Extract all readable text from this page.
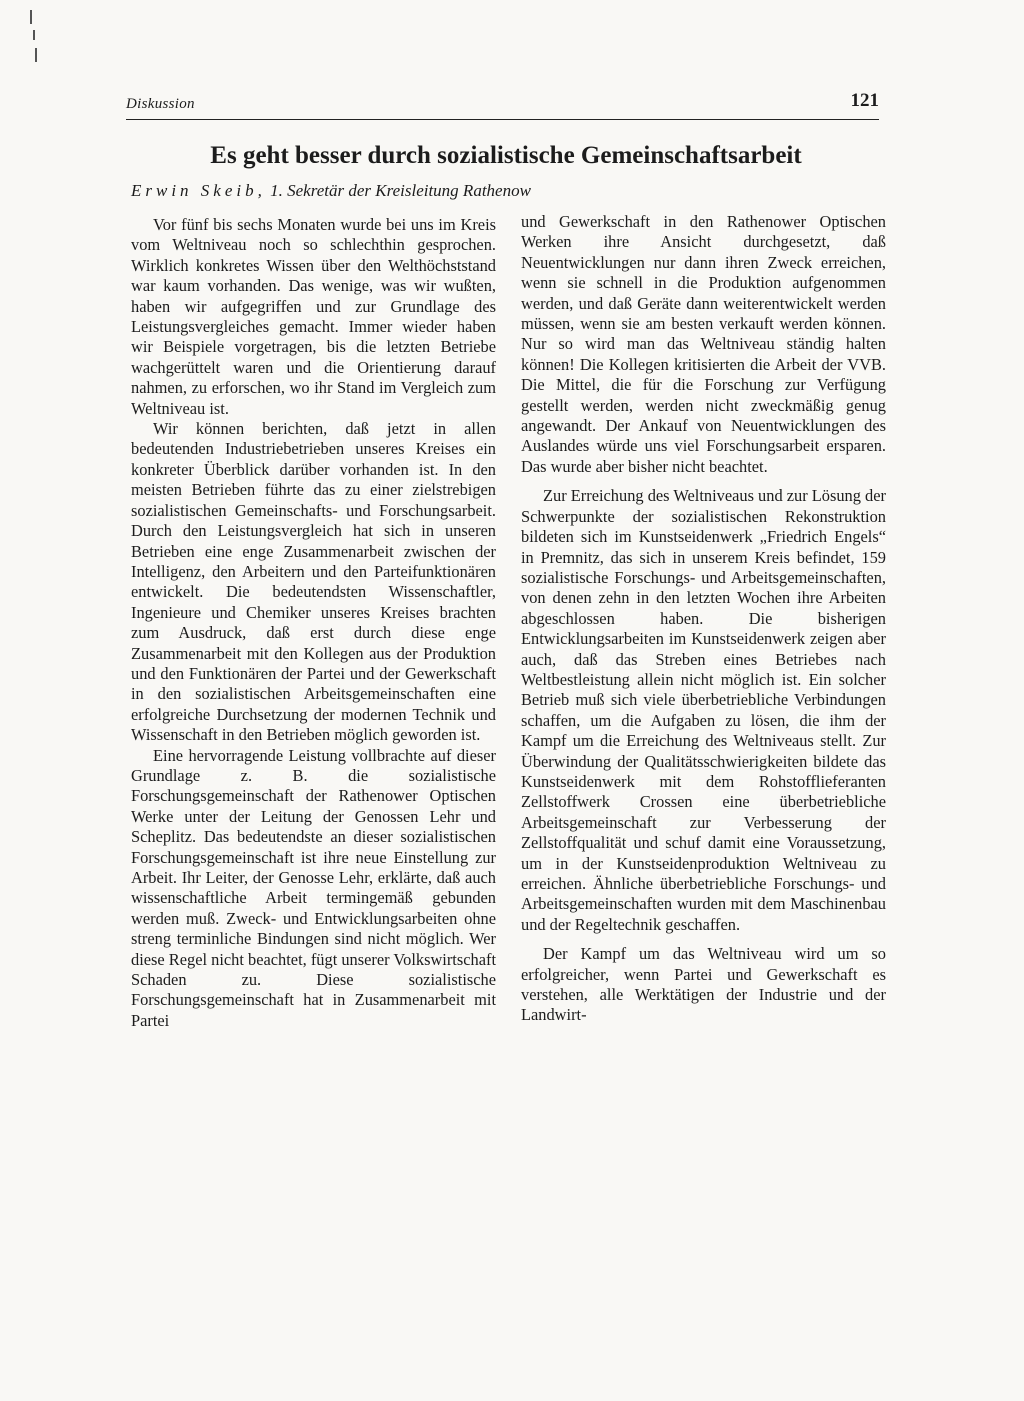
Diskussion	121
Es geht besser durch sozialistische Gemeinschaftsarbeit
Erwin Skeib, 1. Sekretär der Kreisleitung Rathenow

Vor fünf bis sechs Monaten wurde bei uns im Kreis vom Weltniveau noch so schlechthin gesprochen. Wirklich konkretes Wissen über den Welthöchststand war kaum vorhanden. Das wenige, was wir wußten, haben wir aufgegriffen und zur Grundlage des Leistungsvergleiches gemacht. Immer wieder haben wir Beispiele vorgetragen, bis die letzten Betriebe wachgerüttelt waren und die Orientierung darauf nahmen, zu erforschen, wo ihr Stand im Vergleich zum Weltniveau ist.

Wir können berichten, daß jetzt in allen bedeutenden Industriebetrieben unseres Kreises ein konkreter Überblick darüber vorhanden ist. In den meisten Betrieben führte das zu einer zielstrebigen sozialistischen Gemeinschafts- und Forschungsarbeit. Durch den Leistungsvergleich hat sich in unseren Betrieben eine enge Zusammenarbeit zwischen der Intelligenz, den Arbeitern und den Parteifunktionären entwickelt. Die bedeutendsten Wissenschaftler, Ingenieure und Chemiker unseres Kreises brachten zum Ausdruck, daß erst durch diese enge Zusammenarbeit mit den Kollegen aus der Produktion und den Funktionären der Partei und der Gewerkschaft in den sozialistischen Arbeitsgemeinschaften eine erfolgreiche Durchsetzung der modernen Technik und Wissenschaft in den Betrieben möglich geworden ist.

Eine hervorragende Leistung vollbrachte auf dieser Grundlage z. B. die sozialistische Forschungsgemeinschaft der Rathenower Optischen Werke unter der Leitung der Genossen Lehr und Scheplitz. Das bedeutendste an dieser sozialistischen Forschungsgemeinschaft ist ihre neue Einstellung zur Arbeit. Ihr Leiter, der Genosse Lehr, erklärte, daß auch wissenschaftliche Arbeit termingemäß gebunden werden muß. Zweck- und Entwicklungsarbeiten ohne streng terminliche Bindungen sind nicht möglich. Wer diese Regel nicht beachtet, fügt unserer Volkswirtschaft Schaden zu. Diese sozialistische Forschungsgemeinschaft hat in Zusammenarbeit mit Partei

und Gewerkschaft in den Rathenower Optischen Werken ihre Ansicht durchgesetzt, daß Neuentwicklungen nur dann ihren Zweck erreichen, wenn sie schnell in die Produktion aufgenommen werden, und daß Geräte dann weiterentwickelt werden müssen, wenn sie am besten verkauft werden können. Nur so wird man das Weltniveau ständig halten können! Die Kollegen kritisierten die Arbeit der VVB. Die Mittel, die für die Forschung zur Verfügung gestellt werden, werden nicht zweckmäßig genug angewandt. Der Ankauf von Neuentwicklungen des Auslandes würde uns viel Forschungsarbeit ersparen. Das wurde aber bisher nicht beachtet.

Zur Erreichung des Weltniveaus und zur Lösung der Schwerpunkte der sozialistischen Rekonstruktion bildeten sich im Kunstseidenwerk „Friedrich Engels“ in Premnitz, das sich in unserem Kreis befindet, 159 sozialistische Forschungs- und Arbeitsgemeinschaften, von denen zehn in den letzten Wochen ihre Arbeiten abgeschlossen haben. Die bisherigen Entwicklungsarbeiten im Kunstseidenwerk zeigen aber auch, daß das Streben eines Betriebes nach Weltbestleistung allein nicht möglich ist. Ein solcher Betrieb muß sich viele überbetriebliche Verbindungen schaffen, um die Aufgaben zu lösen, die ihm der Kampf um die Erreichung des Weltniveaus stellt. Zur Überwindung der Qualitätsschwierigkeiten bildete das Kunstseidenwerk mit dem Rohstofflieferanten Zellstoffwerk Crossen eine überbetriebliche Arbeitsgemeinschaft zur Verbesserung der Zellstoffqualität und schuf damit eine Voraussetzung, um in der Kunstseidenproduktion Weltniveau zu erreichen. Ähnliche überbetriebliche Forschungs- und Arbeitsgemeinschaften wurden mit dem Maschinenbau und der Regeltechnik geschaffen.

Der Kampf um das Weltniveau wird um so erfolgreicher, wenn Partei und Gewerkschaft es verstehen, alle Werktätigen der Industrie und der Landwirt-
